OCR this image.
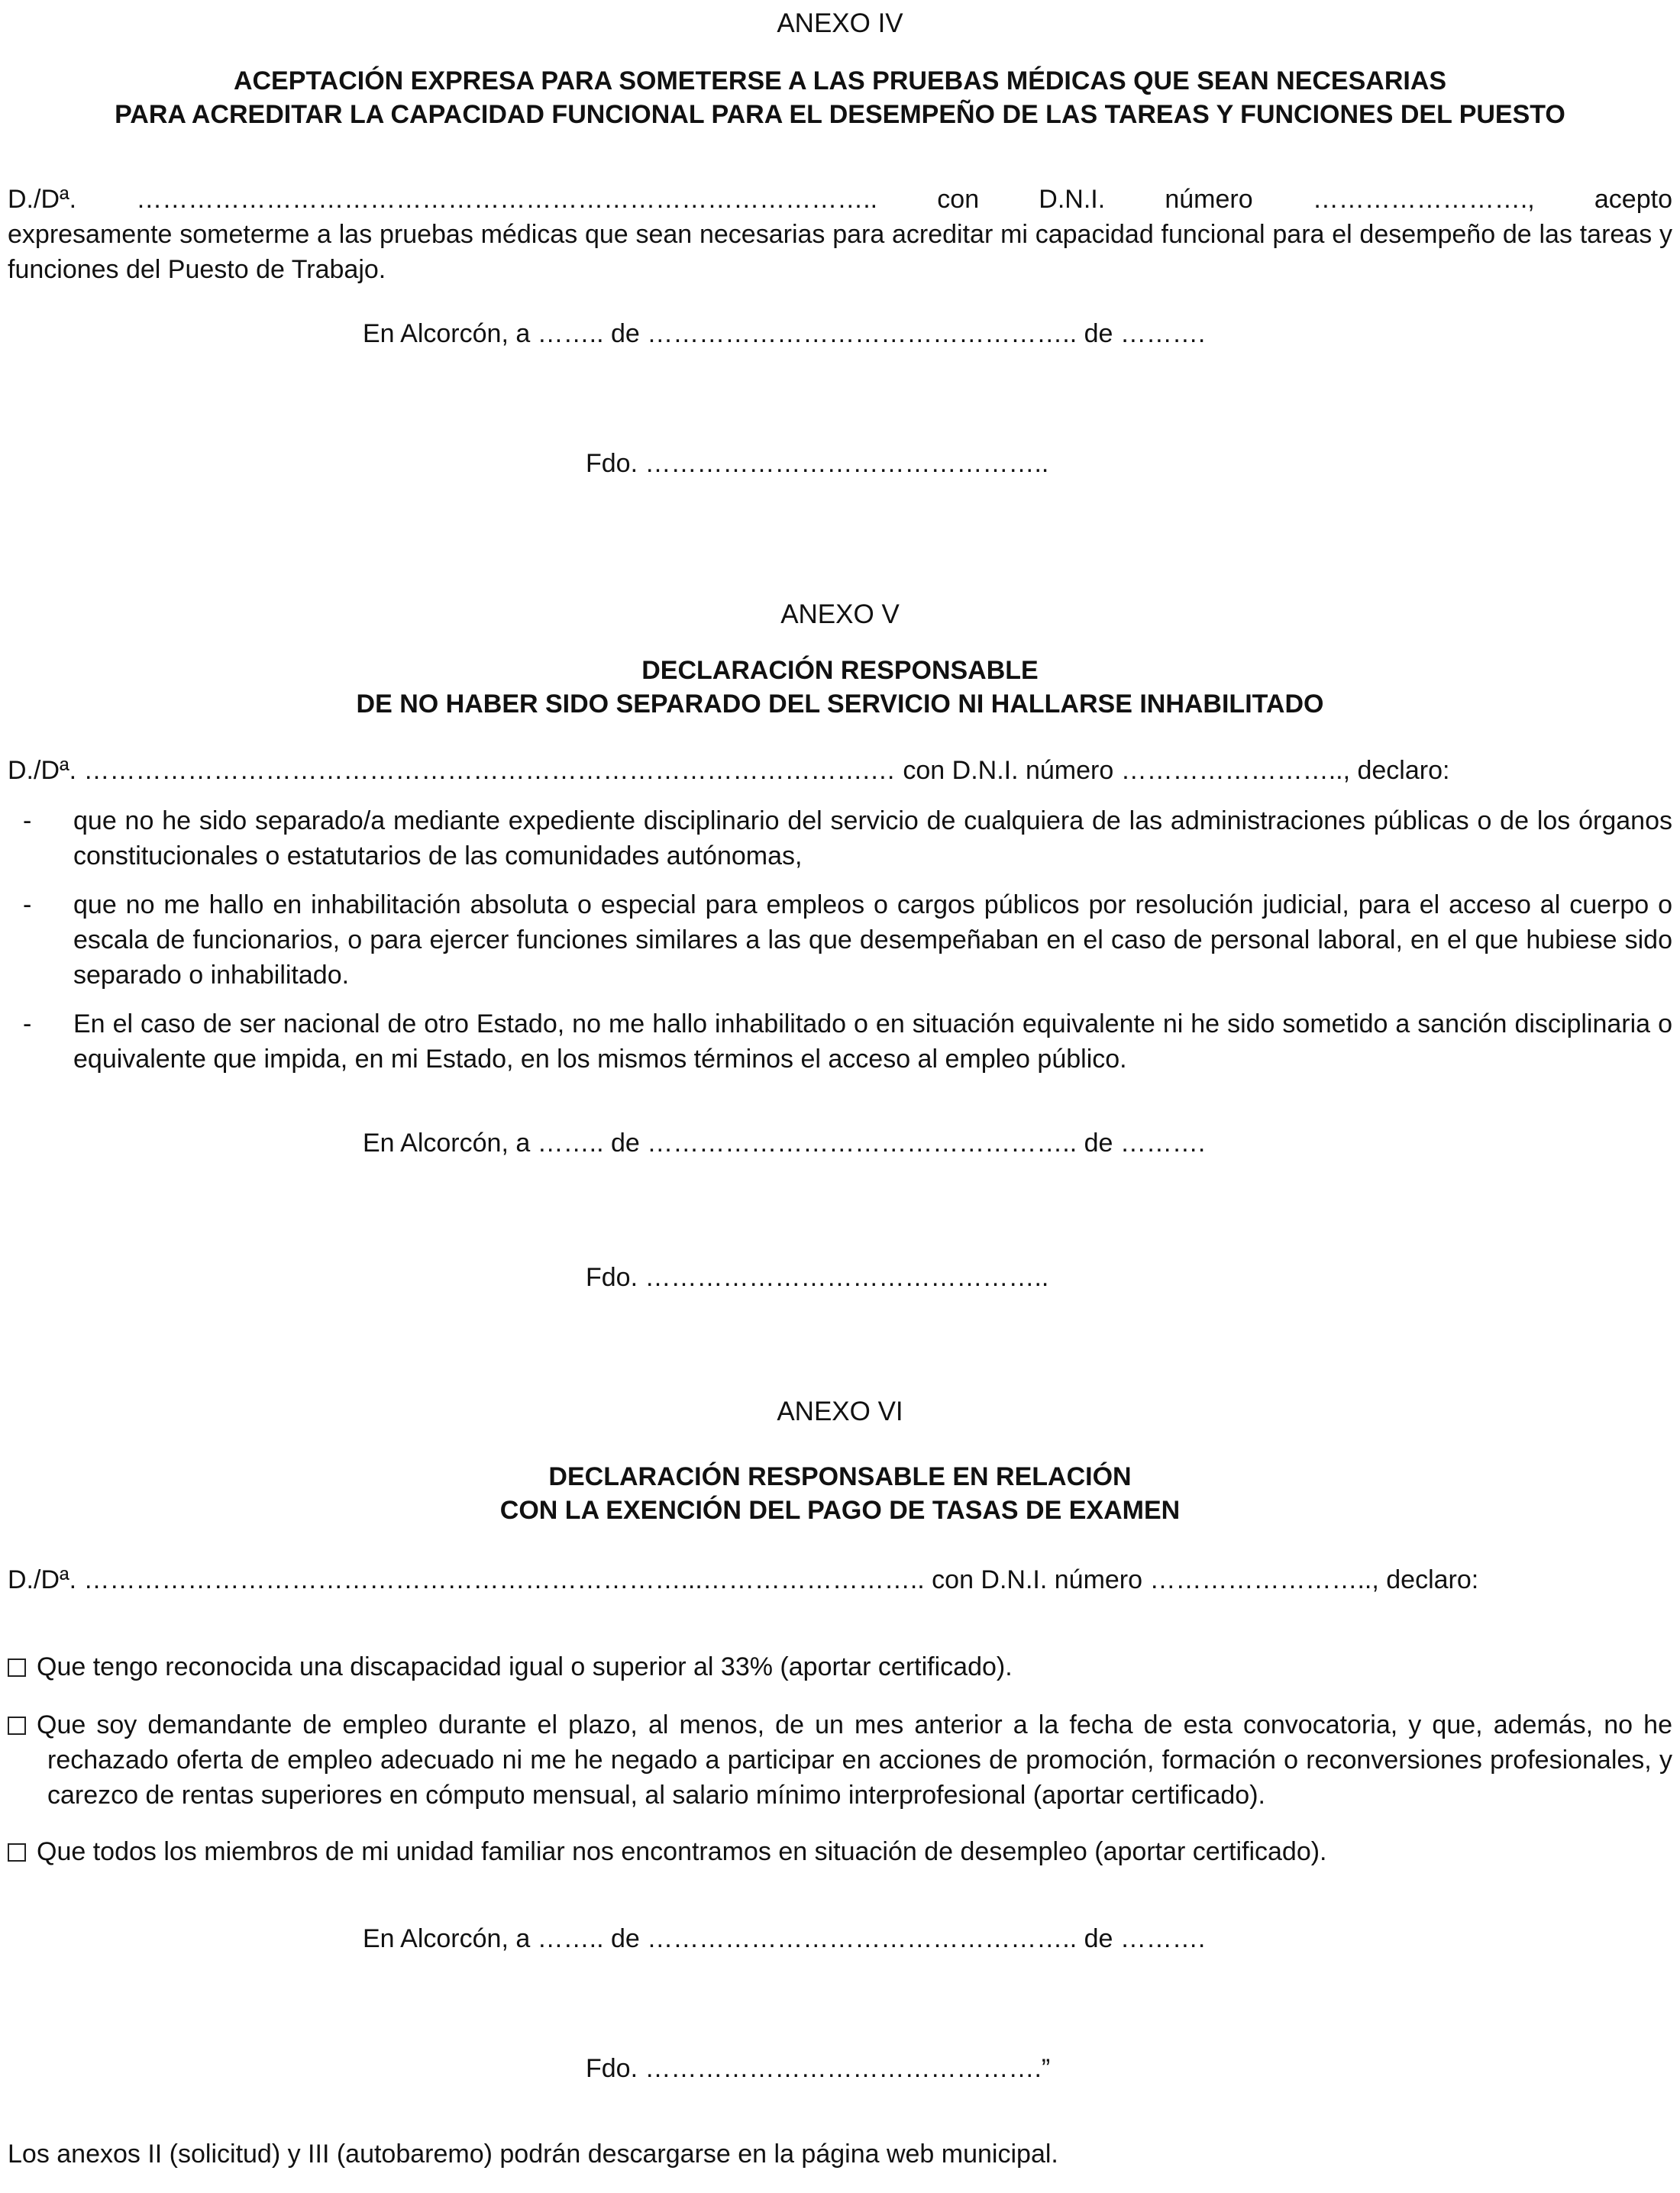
ANEXO IV
ACEPTACIÓN EXPRESA PARA SOMETERSE A LAS PRUEBAS MÉDICAS QUE SEAN NECESARIAS
PARA ACREDITAR LA CAPACIDAD FUNCIONAL PARA EL DESEMPEÑO DE LAS TAREAS Y FUNCIONES DEL PUESTO
D./Dª. ………………………………………………………………………….. con D.N.I. número ……………………., acepto
expresamente someterme a las pruebas médicas que sean necesarias para acreditar mi capacidad funcional para el desempeño de las tareas y funciones del Puesto de Trabajo.
En Alcorcón, a …….. de ………………………………………….. de ……….
Fdo. ………………………………………..
ANEXO V
DECLARACIÓN RESPONSABLE
DE NO HABER SIDO SEPARADO DEL SERVICIO NI HALLARSE INHABILITADO
D./Dª. ……………………………………………………………………………….… con D.N.I. número …………………….., declaro:
- que no he sido separado/a mediante expediente disciplinario del servicio de cualquiera de las administraciones públicas o de los órganos constitucionales o estatutarios de las comunidades autónomas,
- que no me hallo en inhabilitación absoluta o especial para empleos o cargos públicos por resolución judicial, para el acceso al cuerpo o escala de funcionarios, o para ejercer funciones similares a las que desempeñaban en el caso de personal laboral, en el que hubiese sido separado o inhabilitado.
- En el caso de ser nacional de otro Estado, no me hallo inhabilitado o en situación equivalente ni he sido sometido a sanción disciplinaria o equivalente que impida, en mi Estado, en los mismos términos el acceso al empleo público.
En Alcorcón, a …….. de ………………………………………….. de ……….
Fdo. ………………………………………..
ANEXO VI
DECLARACIÓN RESPONSABLE EN RELACIÓN
CON LA EXENCIÓN DEL PAGO DE TASAS DE EXAMEN
D./Dª. ……………………………………………………………...…………………….. con D.N.I. número …………………….., declaro:
Que tengo reconocida una discapacidad igual o superior al 33% (aportar certificado).
Que soy demandante de empleo durante el plazo, al menos, de un mes anterior a la fecha de esta convocatoria, y que, además, no he rechazado oferta de empleo adecuado ni me he negado a participar en acciones de promoción, formación o reconversiones profesionales, y carezco de rentas superiores en cómputo mensual, al salario mínimo interprofesional (aportar certificado).
Que todos los miembros de mi unidad familiar nos encontramos en situación de desempleo (aportar certificado).
En Alcorcón, a …….. de ………………………………………….. de ……….
Fdo. ……………………………………….”
Los anexos II (solicitud) y III (autobaremo) podrán descargarse en la página web municipal.
